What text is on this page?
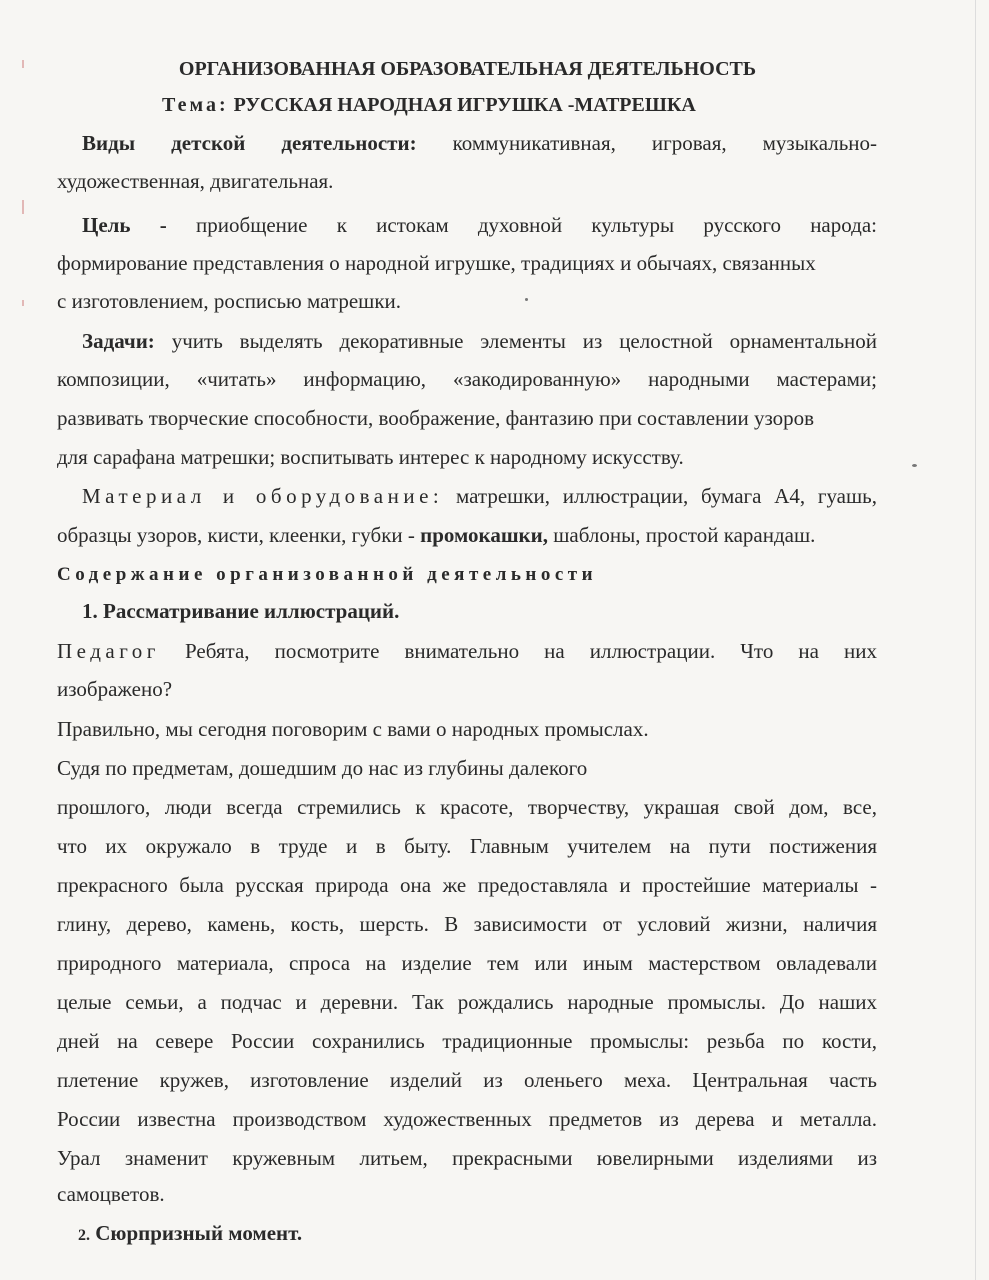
ОРГАНИЗОВАННАЯ ОБРАЗОВАТЕЛЬНАЯ ДЕЯТЕЛЬНОСТЬ
Тема: РУССКАЯ НАРОДНАЯ ИГРУШКА -МАТРЕШКА
Виды детской деятельности: коммуникативная, игровая, музыкально-
художественная, двигательная.
Цель - приобщение к истокам духовной культуры русского народа:
формирование представления о народной игрушке, традициях и обычаях, связанных
с изготовлением, росписью матрешки.
Задачи: учить выделять декоративные элементы из целостной орнаментальной
композиции, «читать» информацию, «закодированную» народными мастерами;
развивать творческие способности, воображение, фантазию при составлении узоров
для сарафана матрешки; воспитывать интерес к народному искусству.
Материал и оборудование: матрешки, иллюстрации, бумага А4, гуашь,
образцы узоров, кисти, клеенки, губки - промокашки, шаблоны, простой карандаш.
Содержание организованной деятельности
1. Рассматривание иллюстраций.
Педагог Ребята, посмотрите внимательно на иллюстрации. Что на них
изображено?
Правильно, мы сегодня поговорим с вами о народных промыслах.
Судя по предметам, дошедшим до нас из глубины далекого
прошлого, люди всегда стремились к красоте, творчеству, украшая свой дом, все,
что их окружало в труде и в быту. Главным учителем на пути постижения
прекрасного была русская природа она же предоставляла и простейшие материалы -
глину, дерево, камень, кость, шерсть. В зависимости от условий жизни, наличия
природного материала, спроса на изделие тем или иным мастерством овладевали
целые семьи, а подчас и деревни. Так рождались народные промыслы. До наших
дней на севере России сохранились традиционные промыслы: резьба по кости,
плетение кружев, изготовление изделий из оленьего меха. Центральная часть
России известна производством художественных предметов из дерева и металла.
Урал знаменит кружевным литьем, прекрасными ювелирными изделиями из
самоцветов.
2. Сюрпризный момент.
